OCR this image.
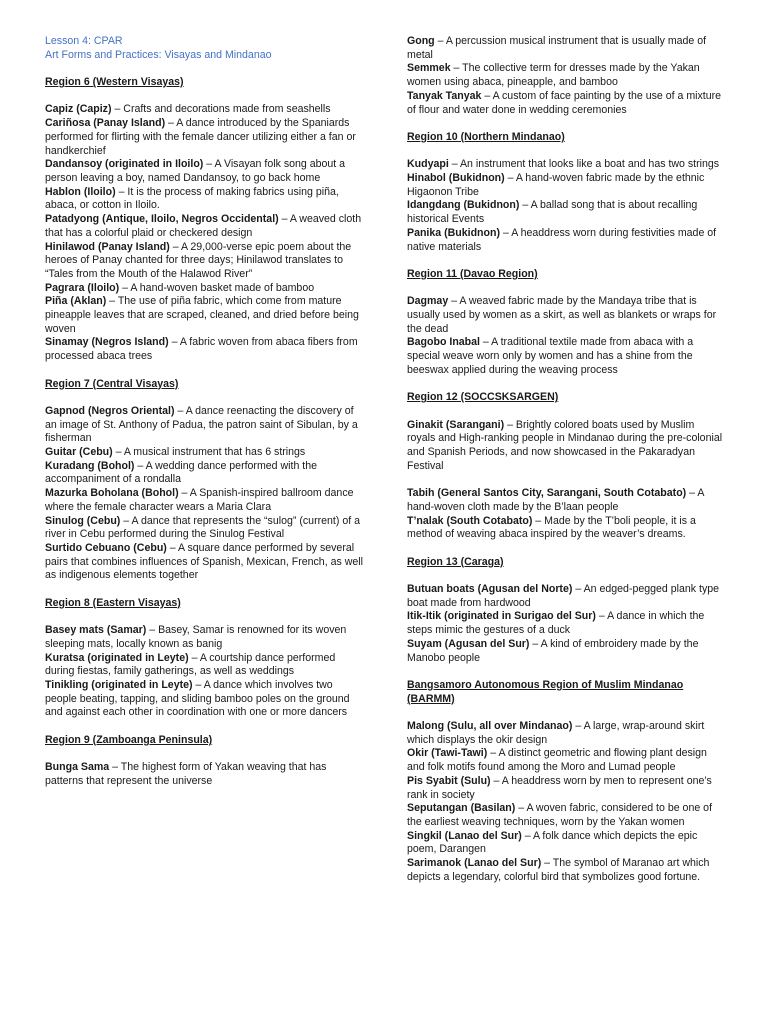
Lesson 4: CPAR
Art Forms and Practices: Visayas and Mindanao
Region 6 (Western Visayas)
Capiz (Capiz) – Crafts and decorations made from seashells
Cariñosa (Panay Island) – A dance introduced by the Spaniards performed for flirting with the female dancer utilizing either a fan or handkerchief
Dandansoy (originated in Iloilo) – A Visayan folk song about a person leaving a boy, named Dandansoy, to go back home
Hablon (Iloilo) – It is the process of making fabrics using piña, abaca, or cotton in Iloilo.
Patadyong (Antique, Iloilo, Negros Occidental) – A weaved cloth that has a colorful plaid or checkered design
Hinilawod (Panay Island) – A 29,000-verse epic poem about the heroes of Panay chanted for three days; Hinilawod translates to “Tales from the Mouth of the Halawod River”
Pagrara (Iloilo) – A hand-woven basket made of bamboo
Piña (Aklan) – The use of piña fabric, which come from mature pineapple leaves that are scraped, cleaned, and dried before being woven
Sinamay (Negros Island) – A fabric woven from abaca fibers from processed abaca trees
Region 7 (Central Visayas)
Gapnod (Negros Oriental) – A dance reenacting the discovery of an image of St. Anthony of Padua, the patron saint of Sibulan, by a fisherman
Guitar (Cebu) – A musical instrument that has 6 strings
Kuradang (Bohol) – A wedding dance performed with the accompaniment of a rondalla
Mazurka Boholana (Bohol) – A Spanish-inspired ballroom dance where the female character wears a Maria Clara
Sinulog (Cebu) – A dance that represents the “sulog” (current) of a river in Cebu performed during the Sinulog Festival
Surtido Cebuano (Cebu) – A square dance performed by several pairs that combines influences of Spanish, Mexican, French, as well as indigenous elements together
Region 8 (Eastern Visayas)
Basey mats (Samar) – Basey, Samar is renowned for its woven sleeping mats, locally known as banig
Kuratsa (originated in Leyte) – A courtship dance performed during fiestas, family gatherings, as well as weddings
Tinikling (originated in Leyte) – A dance which involves two people beating, tapping, and sliding bamboo poles on the ground and against each other in coordination with one or more dancers
Region 9 (Zamboanga Peninsula)
Bunga Sama – The highest form of Yakan weaving that has patterns that represent the universe
Gong – A percussion musical instrument that is usually made of metal
Semmek – The collective term for dresses made by the Yakan women using abaca, pineapple, and bamboo
Tanyak Tanyak – A custom of face painting by the use of a mixture of flour and water done in wedding ceremonies
Region 10 (Northern Mindanao)
Kudyapi – An instrument that looks like a boat and has two strings
Hinabol (Bukidnon) – A hand-woven fabric made by the ethnic Higaonon Tribe
Idangdang (Bukidnon) – A ballad song that is about recalling historical Events
Panika (Bukidnon) – A headdress worn during festivities made of native materials
Region 11 (Davao Region)
Dagmay – A weaved fabric made by the Mandaya tribe that is usually used by women as a skirt, as well as blankets or wraps for the dead
Bagobo Inabal – A traditional textile made from abaca with a special weave worn only by women and has a shine from the beeswax applied during the weaving process
Region 12 (SOCCSKSARGEN)
Ginakit (Sarangani) – Brightly colored boats used by Muslim royals and High-ranking people in Mindanao during the pre-colonial and Spanish Periods, and now showcased in the Pakaradyan Festival
Tabih (General Santos City, Sarangani, South Cotabato) – A hand-woven cloth made by the B’laan people
T’nalak (South Cotabato) – Made by the T’boli people, it is a method of weaving abaca inspired by the weaver’s dreams.
Region 13 (Caraga)
Butuan boats (Agusan del Norte) – An edged-pegged plank type boat made from hardwood
Itik-Itik (originated in Surigao del Sur) – A dance in which the steps mimic the gestures of a duck
Suyam (Agusan del Sur) – A kind of embroidery made by the Manobo people
Bangsamoro Autonomous Region of Muslim Mindanao (BARMM)
Malong (Sulu, all over Mindanao) – A large, wrap-around skirt which displays the okir design
Okir (Tawi-Tawi) – A distinct geometric and flowing plant design and folk motifs found among the Moro and Lumad people
Pis Syabit (Sulu) – A headdress worn by men to represent one’s rank in society
Seputangan (Basilan) – A woven fabric, considered to be one of the earliest weaving techniques, worn by the Yakan women
Singkil (Lanao del Sur) – A folk dance which depicts the epic poem, Darangen
Sarimanok (Lanao del Sur) – The symbol of Maranao art which depicts a legendary, colorful bird that symbolizes good fortune.
